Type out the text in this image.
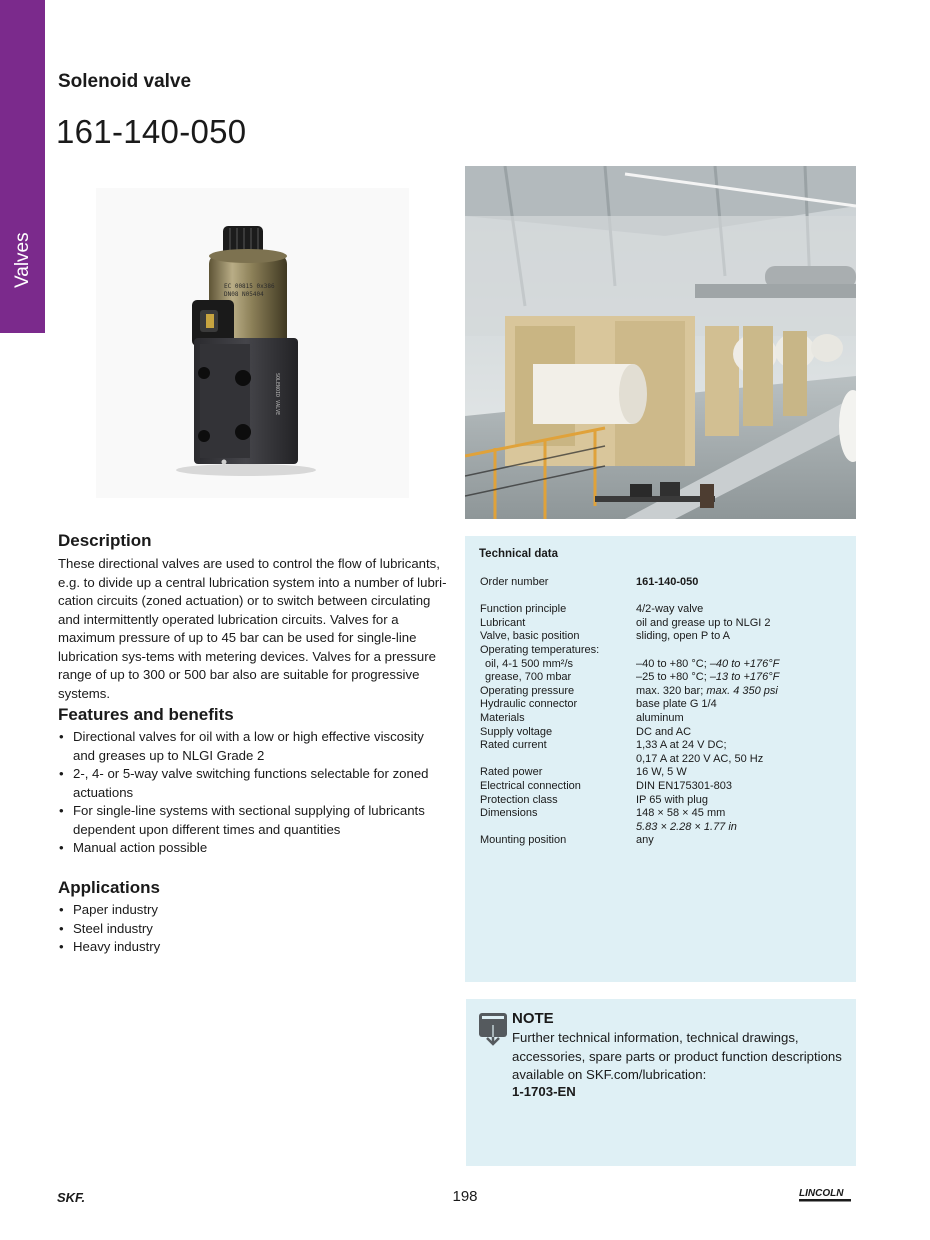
Valves
Solenoid valve
161-140-050
EC 00815 0x386
DN08 N05404
SOLENOID VALVE
Description
These directional valves are used to control the flow of lubricants, e.g. to divide up a central lubrication system into a number of lubri-cation circuits (zoned actuation) or to switch between circulating and intermittently operated lubrication circuits. Valves for a maximum pressure of up to 45 bar can be used for single-line lubrication sys-tems with metering devices. Valves for a pressure range of up to 300 or 500 bar also are suitable for progressive systems.
Features and benefits
• Directional valves for oil with a low or high effective viscosity and greases up to NLGI Grade 2
• 2-, 4- or 5-way valve switching functions selectable for zoned actuations
• For single-line systems with sectional supplying of lubricants dependent upon different times and quantities
• Manual action possible
Applications
• Paper industry
• Steel industry
• Heavy industry
Technical data
Order number	161-140-050

Function principle	4/2-way valve
Lubricant	oil and grease up to NLGI 2
Valve, basic position	sliding, open P to A
Operating temperatures:	
oil, 4-1 500 mm²/s	–40 to +80 °C; –40 to +176°F
grease, 700 mbar	–25 to +80 °C; –13 to +176°F
Operating pressure	max. 320 bar; max. 4 350 psi
Hydraulic connector	base plate G 1/4
Materials	aluminum
Supply voltage	DC and AC
Rated current	1,33 A at 24 V DC;
	0,17 A at 220 V AC, 50 Hz
Rated power	16 W, 5 W
Electrical connection	DIN EN175301-803
Protection class	IP 65 with plug
Dimensions	148 × 58 × 45 mm
	5.83 × 2.28 × 1.77 in
Mounting position	any
NOTE
Further technical information, technical drawings, accessories, spare parts or product function descriptions available on SKF.com/lubrication:
1-1703-EN
SKF.	198	LINCOLN
